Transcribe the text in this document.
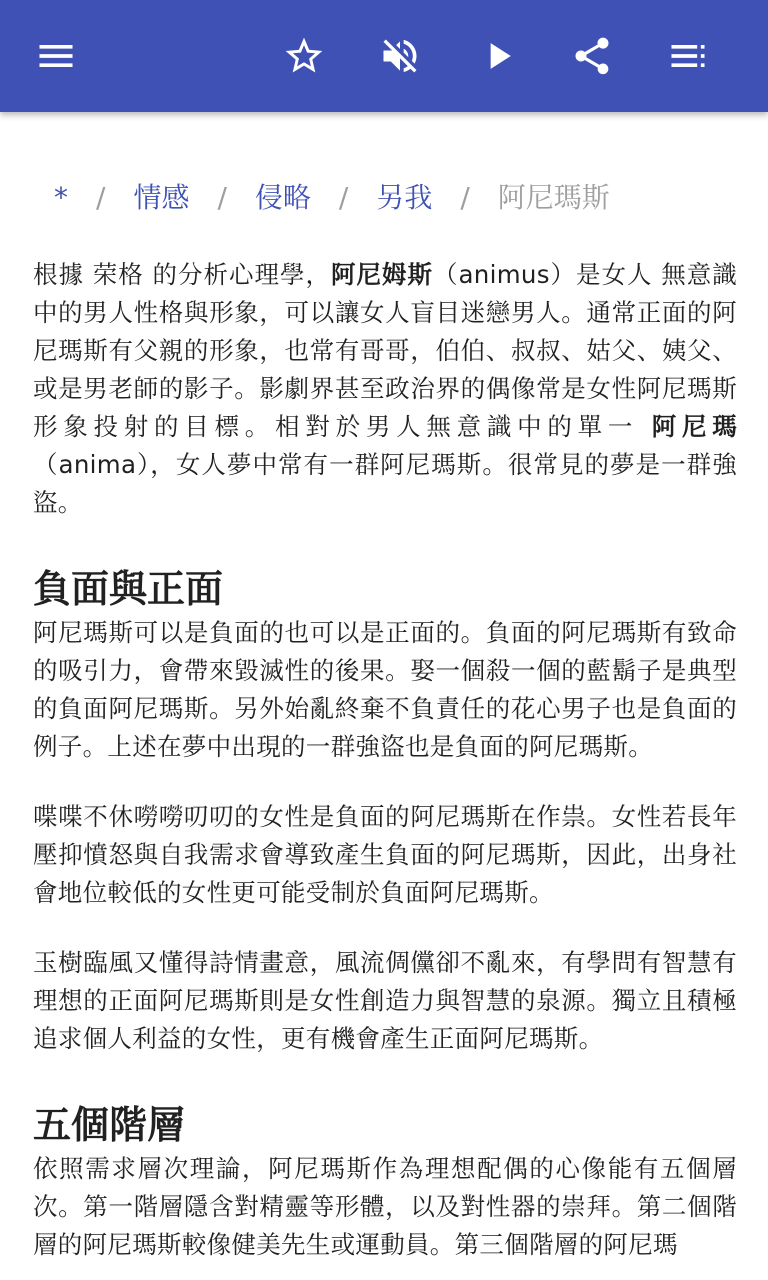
*	/	情感	/	侵略	/	另我	/	阿尼瑪斯

根據 荣格 的分析心理學，阿尼姆斯（animus）是女人 無意識中的男人性格與形象，可以讓女人盲目迷戀男人。通常正面的阿尼瑪斯有父親的形象，也常有哥哥，伯伯、叔叔、姑父、姨父、或是男老師的影子。影劇界甚至政治界的偶像常是女性阿尼瑪斯形象投射的目標。相對於男人無意識中的單一 阿尼瑪（anima），女人夢中常有一群阿尼瑪斯。很常見的夢是一群強盜。

負面與正面

阿尼瑪斯可以是負面的也可以是正面的。負面的阿尼瑪斯有致命的吸引力，會帶來毀滅性的後果。娶一個殺一個的藍鬍子是典型的負面阿尼瑪斯。另外始亂終棄不負責任的花心男子也是負面的例子。上述在夢中出現的一群強盜也是負面的阿尼瑪斯。

喋喋不休嘮嘮叨叨的女性是負面的阿尼瑪斯在作祟。女性若長年壓抑憤怒與自我需求會導致產生負面的阿尼瑪斯，因此，出身社會地位較低的女性更可能受制於負面阿尼瑪斯。

玉樹臨風又懂得詩情畫意，風流倜儻卻不亂來，有學問有智慧有理想的正面阿尼瑪斯則是女性創造力與智慧的泉源。獨立且積極追求個人利益的女性，更有機會產生正面阿尼瑪斯。

五個階層

依照需求層次理論，阿尼瑪斯作為理想配偶的心像能有五個層次。第一階層隱含對精靈等形體，以及對性器的崇拜。第二個階層的阿尼瑪斯較像健美先生或運動員。第三個階層的阿尼瑪
